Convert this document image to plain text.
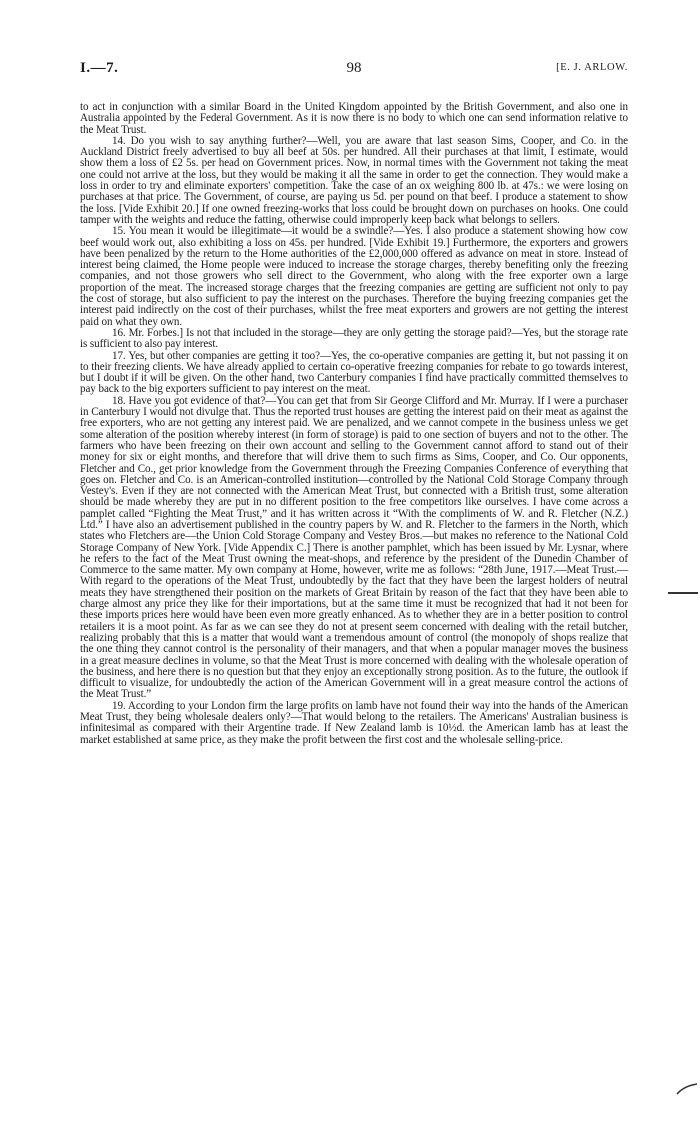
I.—7.	98	[E. J. ARLOW.

to act in conjunction with a similar Board in the United Kingdom appointed by the British Government, and also one in Australia appointed by the Federal Government. As it is now there is no body to which one can send information relative to the Meat Trust.

14. Do you wish to say anything further?—Well, you are aware that last season Sims, Cooper, and Co. in the Auckland District freely advertised to buy all beef at 50s. per hundred. All their purchases at that limit, I estimate, would show them a loss of £2 5s. per head on Government prices. Now, in normal times with the Government not taking the meat one could not arrive at the loss, but they would be making it all the same in order to get the connection. They would make a loss in order to try and eliminate exporters' competition. Take the case of an ox weighing 800 lb. at 47s.: we were losing on purchases at that price. The Government, of course, are paying us 5d. per pound on that beef. I produce a statement to show the loss. [Vide Exhibit 20.] If one owned freezing-works that loss could be brought down on purchases on hooks. One could tamper with the weights and reduce the fatting, otherwise could improperly keep back what belongs to sellers.

15. You mean it would be illegitimate—it would be a swindle?—Yes. I also produce a statement showing how cow beef would work out, also exhibiting a loss on 45s. per hundred. [Vide Exhibit 19.] Furthermore, the exporters and growers have been penalized by the return to the Home authorities of the £2,000,000 offered as advance on meat in store. Instead of interest being claimed, the Home people were induced to increase the storage charges, thereby benefiting only the freezing companies, and not those growers who sell direct to the Government, who along with the free exporter own a large proportion of the meat. The increased storage charges that the freezing companies are getting are sufficient not only to pay the cost of storage, but also sufficient to pay the interest on the purchases. Therefore the buying freezing companies get the interest paid indirectly on the cost of their purchases, whilst the free meat exporters and growers are not getting the interest paid on what they own.

16. Mr. Forbes.] Is not that included in the storage—they are only getting the storage paid?—Yes, but the storage rate is sufficient to also pay interest.

17. Yes, but other companies are getting it too?—Yes, the co-operative companies are getting it, but not passing it on to their freezing clients. We have already applied to certain co-operative freezing companies for rebate to go towards interest, but I doubt if it will be given. On the other hand, two Canterbury companies I find have practically committed themselves to pay back to the big exporters sufficient to pay interest on the meat.

18. Have you got evidence of that?—You can get that from Sir George Clifford and Mr. Murray. If I were a purchaser in Canterbury I would not divulge that. Thus the reported trust houses are getting the interest paid on their meat as against the free exporters, who are not getting any interest paid. We are penalized, and we cannot compete in the business unless we get some alteration of the position whereby interest (in form of storage) is paid to one section of buyers and not to the other. The farmers who have been freezing on their own account and selling to the Government cannot afford to stand out of their money for six or eight months, and therefore that will drive them to such firms as Sims, Cooper, and Co. Our opponents, Fletcher and Co., get prior knowledge from the Government through the Freezing Companies Conference of everything that goes on. Fletcher and Co. is an American-controlled institution—controlled by the National Cold Storage Company through Vestey's. Even if they are not connected with the American Meat Trust, but connected with a British trust, some alteration should be made whereby they are put in no different position to the free competitors like ourselves. I have come across a pamplet called “Fighting the Meat Trust,” and it has written across it “With the compliments of W. and R. Fletcher (N.Z.) Ltd.” I have also an advertisement published in the country papers by W. and R. Fletcher to the farmers in the North, which states who Fletchers are—the Union Cold Storage Company and Vestey Bros.—but makes no reference to the National Cold Storage Company of New York. [Vide Appendix C.] There is another pamphlet, which has been issued by Mr. Lysnar, where he refers to the fact of the Meat Trust owning the meat-shops, and reference by the president of the Dunedin Chamber of Commerce to the same matter. My own company at Home, however, write me as follows: “28th June, 1917.—Meat Trust.—With regard to the operations of the Meat Trust, undoubtedly by the fact that they have been the largest holders of neutral meats they have strengthened their position on the markets of Great Britain by reason of the fact that they have been able to charge almost any price they like for their importations, but at the same time it must be recognized that had it not been for these imports prices here would have been even more greatly enhanced. As to whether they are in a better position to control retailers it is a moot point. As far as we can see they do not at present seem concerned with dealing with the retail butcher, realizing probably that this is a matter that would want a tremendous amount of control (the monopoly of shops realize that the one thing they cannot control is the personality of their managers, and that when a popular manager moves the business in a great measure declines in volume, so that the Meat Trust is more concerned with dealing with the wholesale operation of the business, and here there is no question but that they enjoy an exceptionally strong position. As to the future, the outlook if difficult to visualize, for undoubtedly the action of the American Government will in a great measure control the actions of the Meat Trust.”

19. According to your London firm the large profits on lamb have not found their way into the hands of the American Meat Trust, they being wholesale dealers only?—That would belong to the retailers. The Americans' Australian business is infinitesimal as compared with their Argentine trade. If New Zealand lamb is 10½d. the American lamb has at least the market established at same price, as they make the profit between the first cost and the wholesale selling-price.
